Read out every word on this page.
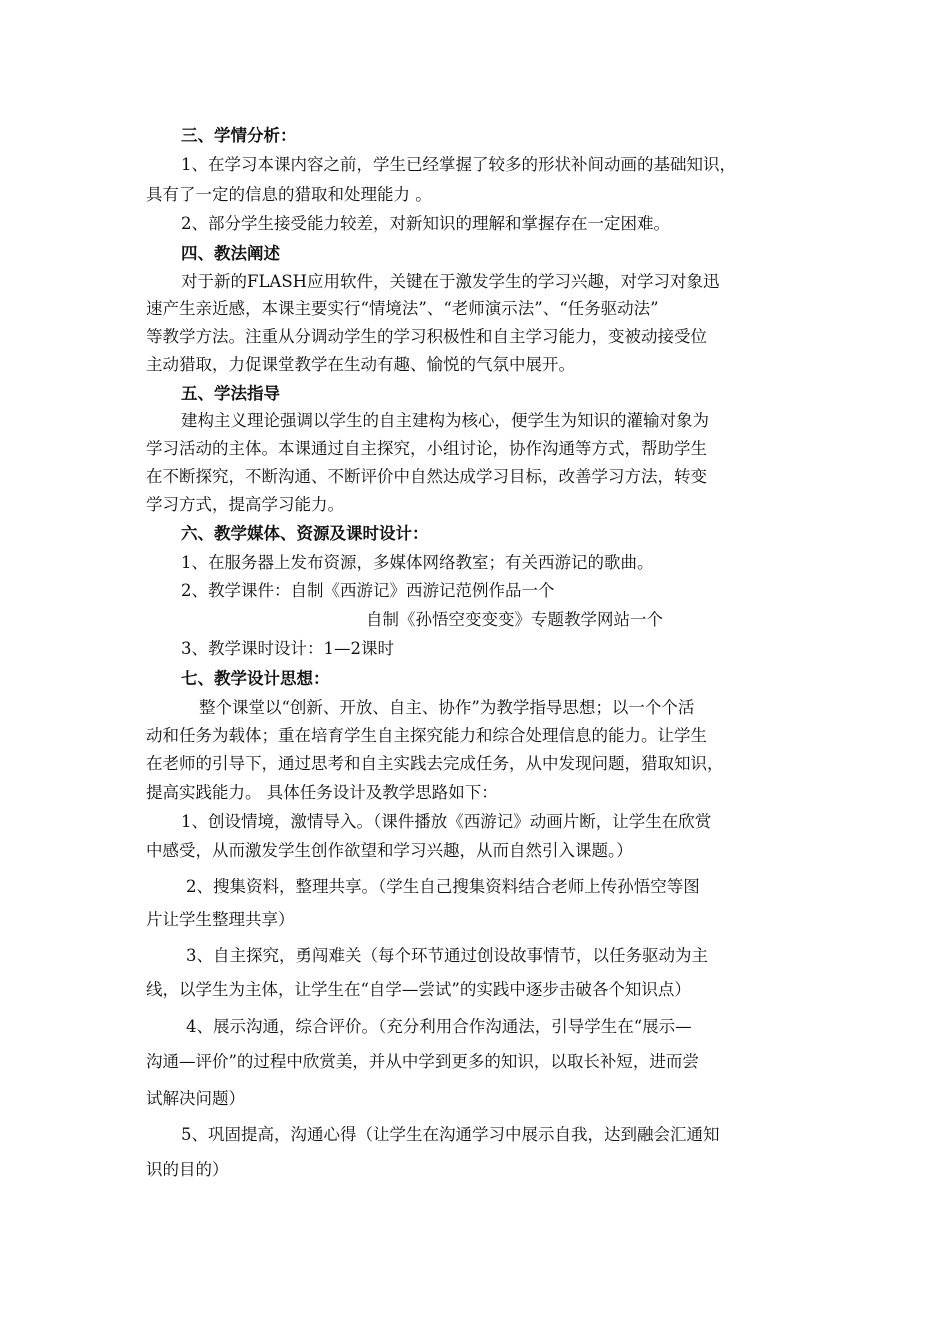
三、学情分析：
1、在学习本课内容之前，学生已经掌握了较多的形状补间动画的基础知识，
具有了一定的信息的猎取和处理能力 。
2、部分学生接受能力较差，对新知识的理解和掌握存在一定困难。
四、教法阐述
对于新的FLASH应用软件，关键在于激发学生的学习兴趣，对学习对象迅
速产生亲近感，本课主要实行“情境法”、“老师演示法”、“任务驱动法”
等教学方法。注重从分调动学生的学习积极性和自主学习能力，变被动接受位
主动猎取，力促课堂教学在生动有趣、愉悦的气氛中展开。
五、学法指导
建构主义理论强调以学生的自主建构为核心，便学生为知识的灌输对象为
学习活动的主体。本课通过自主探究，小组讨论，协作沟通等方式，帮助学生
在不断探究，不断沟通、不断评价中自然达成学习目标，改善学习方法，转变
学习方式，提高学习能力。
六、教学媒体、资源及课时设计：
1、在服务器上发布资源，多媒体网络教室；有关西游记的歌曲。
2、教学课件：自制《西游记》西游记范例作品一个
自制《孙悟空变变变》专题教学网站一个
3、教学课时设计：1—2课时
七、教学设计思想：
整个课堂以“创新、开放、自主、协作”为教学指导思想；以一个个活
动和任务为载体；重在培育学生自主探究能力和综合处理信息的能力。让学生
在老师的引导下，通过思考和自主实践去完成任务，从中发现问题，猎取知识，
提高实践能力。 具体任务设计及教学思路如下：
1、创设情境，激情导入。（课件播放《西游记》动画片断，让学生在欣赏
中感受，从而激发学生创作欲望和学习兴趣，从而自然引入课题。）
2、搜集资料，整理共享。（学生自己搜集资料结合老师上传孙悟空等图
片让学生整理共享）
3、自主探究，勇闯难关（每个环节通过创设故事情节，以任务驱动为主
线，以学生为主体，让学生在“自学—尝试”的实践中逐步击破各个知识点）
4、展示沟通，综合评价。（充分利用合作沟通法，引导学生在“展示—
沟通—评价”的过程中欣赏美，并从中学到更多的知识，以取长补短，进而尝
试解决问题）
5、巩固提高，沟通心得（让学生在沟通学习中展示自我，达到融会汇通知
识的目的）
